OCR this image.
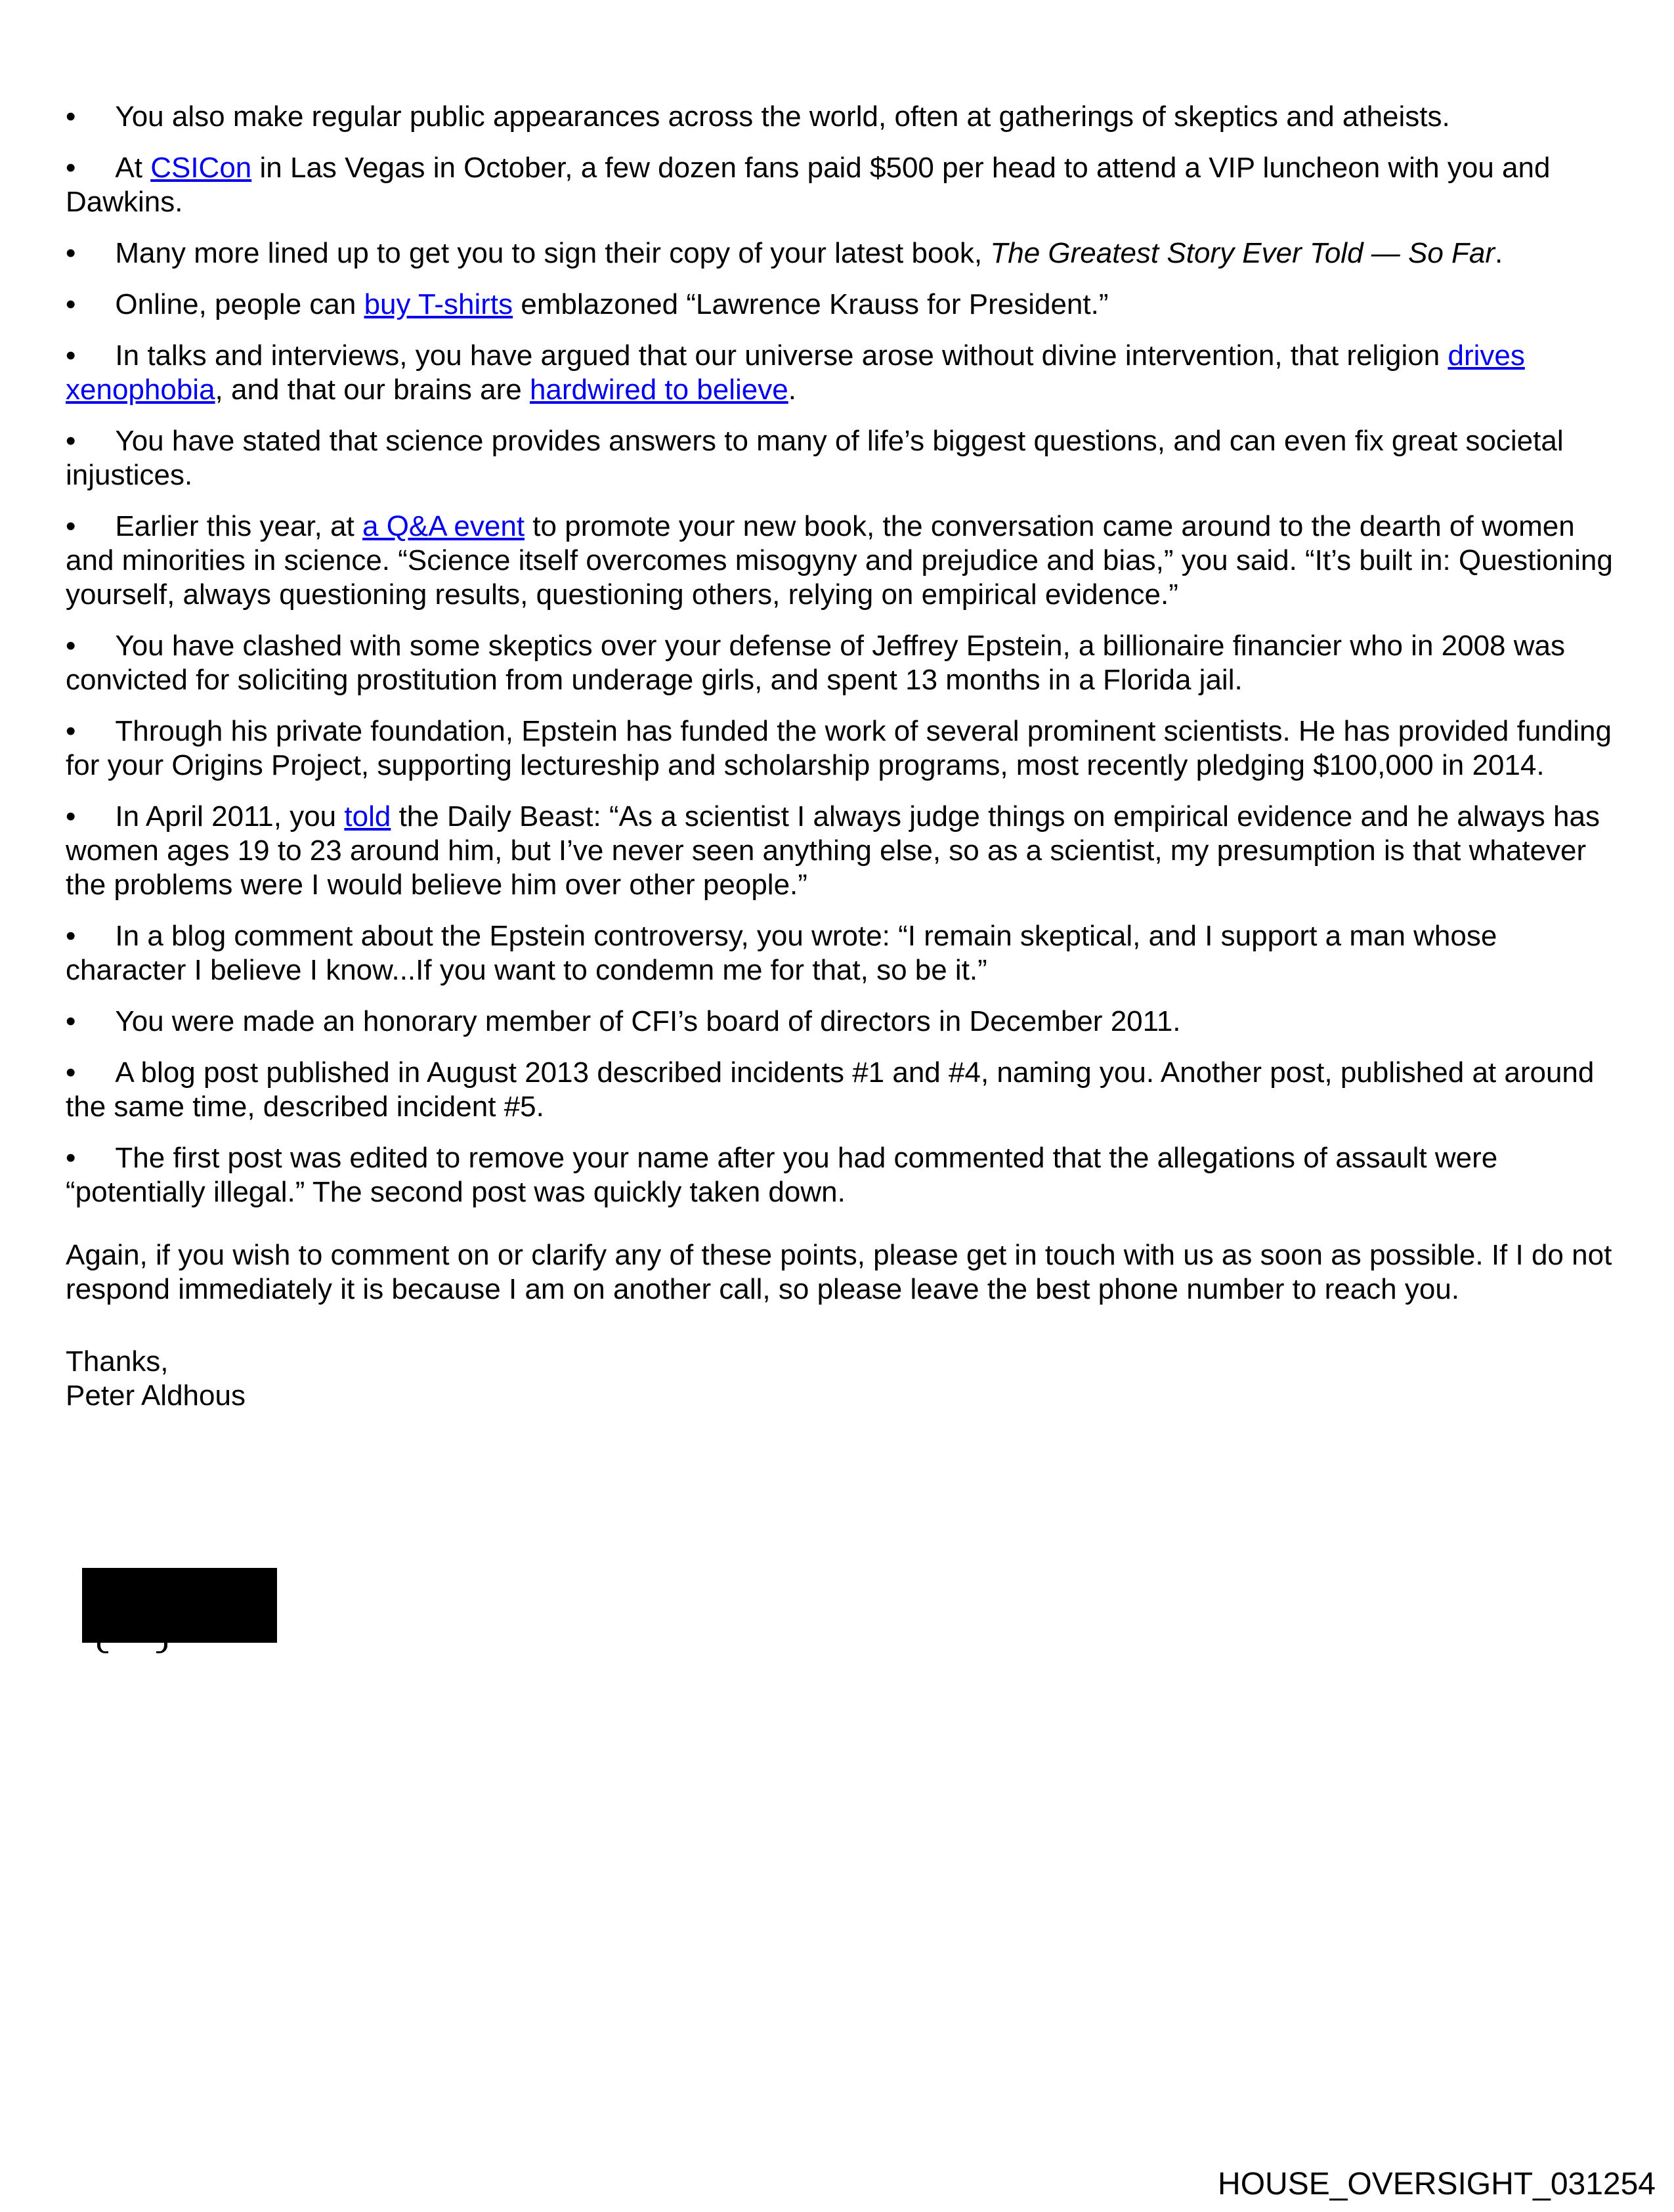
• You also make regular public appearances across the world, often at gatherings of skeptics and atheists.
• At CSICon in Las Vegas in October, a few dozen fans paid $500 per head to attend a VIP luncheon with you and Dawkins.
• Many more lined up to get you to sign their copy of your latest book, The Greatest Story Ever Told — So Far.
• Online, people can buy T-shirts emblazoned “Lawrence Krauss for President.”
• In talks and interviews, you have argued that our universe arose without divine intervention, that religion drives xenophobia, and that our brains are hardwired to believe.
• You have stated that science provides answers to many of life’s biggest questions, and can even fix great societal injustices.
• Earlier this year, at a Q&A event to promote your new book, the conversation came around to the dearth of women and minorities in science. “Science itself overcomes misogyny and prejudice and bias,” you said. “It’s built in: Questioning yourself, always questioning results, questioning others, relying on empirical evidence.”
• You have clashed with some skeptics over your defense of Jeffrey Epstein, a billionaire financier who in 2008 was convicted for soliciting prostitution from underage girls, and spent 13 months in a Florida jail.
• Through his private foundation, Epstein has funded the work of several prominent scientists. He has provided funding for your Origins Project, supporting lectureship and scholarship programs, most recently pledging $100,000 in 2014.
• In April 2011, you told the Daily Beast: “As a scientist I always judge things on empirical evidence and he always has women ages 19 to 23 around him, but I’ve never seen anything else, so as a scientist, my presumption is that whatever the problems were I would believe him over other people.”
• In a blog comment about the Epstein controversy, you wrote: “I remain skeptical, and I support a man whose character I believe I know...If you want to condemn me for that, so be it.”
• You were made an honorary member of CFI’s board of directors in December 2011.
• A blog post published in August 2013 described incidents #1 and #4, naming you. Another post, published at around the same time, described incident #5.
• The first post was edited to remove your name after you had commented that the allegations of assault were “potentially illegal.” The second post was quickly taken down.
Again, if you wish to comment on or clarify any of these points, please get in touch with us as soon as possible. If I do not respond immediately it is because I am on another call, so please leave the best phone number to reach you.

Thanks,

Peter Aldhous

HOUSE_OVERSIGHT_031254
